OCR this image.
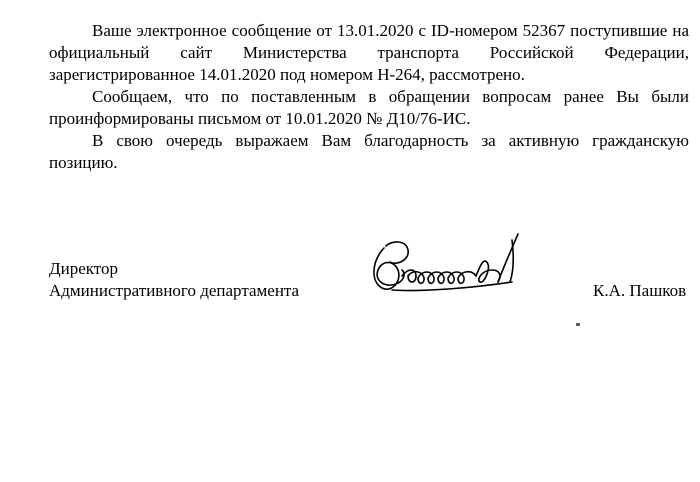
Ваше электронное сообщение от 13.01.2020 с ID-номером 52367 поступившие на официальный сайт Министерства транспорта Российской Федерации, зарегистрированное 14.01.2020 под номером Н-264, рассмотрено.

Сообщаем, что по поставленным в обращении вопросам ранее Вы были проинформированы письмом от 10.01.2020 № Д10/76-ИС.

В свою очередь выражаем Вам благодарность за активную гражданскую позицию.

Директор
Административного департамента	К.А. Пашков
